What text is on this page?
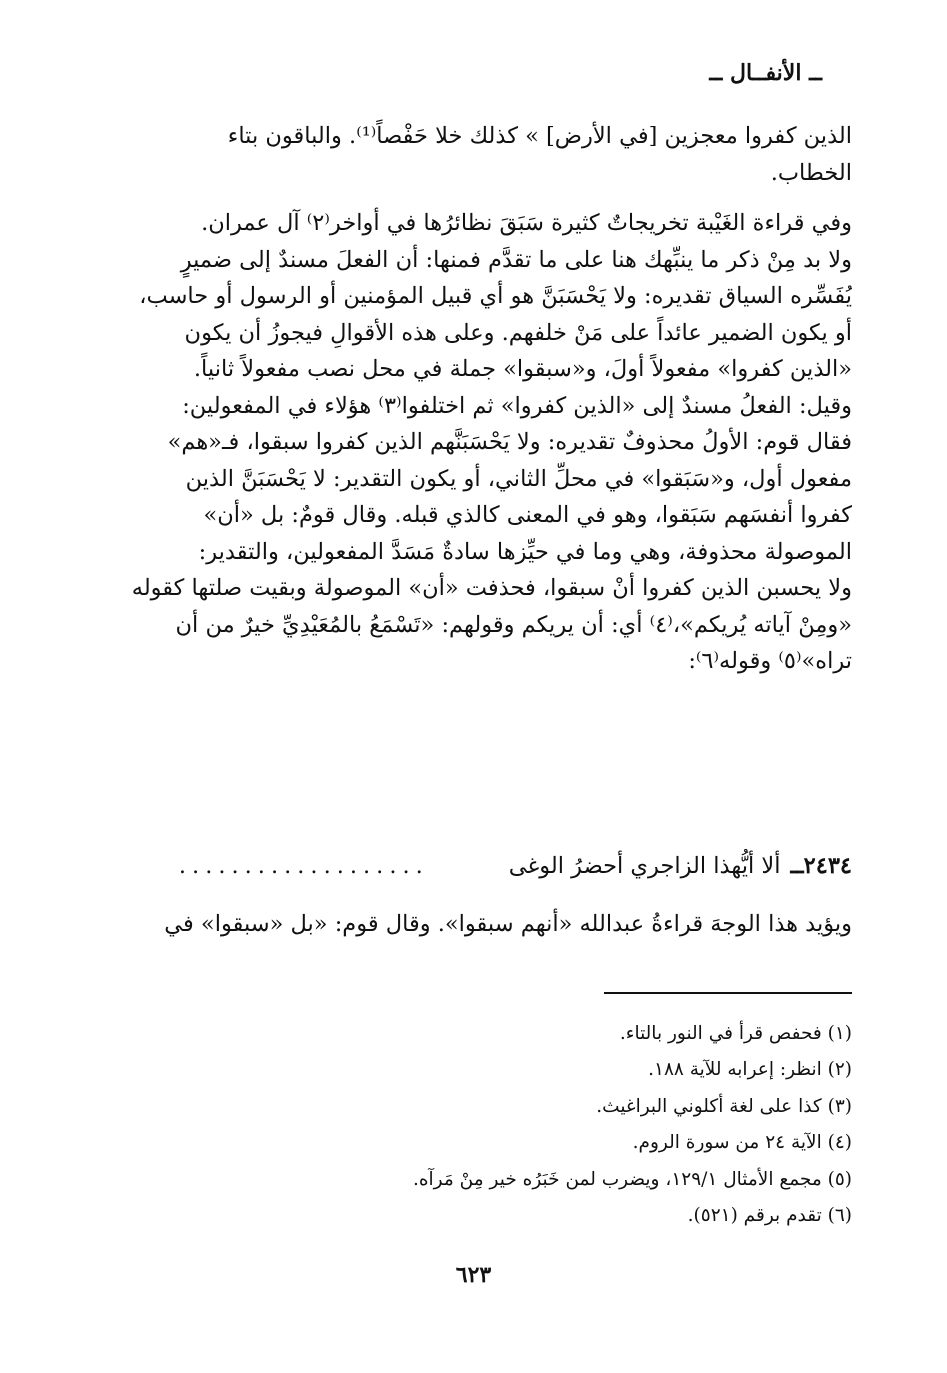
ــ الأنفــال ــ
الذين كفروا معجزين [في الأرض] » كذلك خلا حَفْصاً⁽¹⁾. والباقون بتاء
الخطاب.
وفي قراءة الغَيْبة تخريجاتٌ كثيرة سَبَقَ نظائرُها في أواخر⁽٢⁾ آل عمران.
ولا بد مِنْ ذكر ما ينبِّهك هنا على ما تقدَّم فمنها: أن الفعلَ مسندٌ إلى ضميرٍ
يُفَسِّره السياق تقديره: ولا يَحْسَبَنَّ هو أي قبيل المؤمنين أو الرسول أو حاسب،
أو يكون الضمير عائداً على مَنْ خلفهم. وعلى هذه الأقوالِ فيجوزُ أن يكون
«الذين كفروا» مفعولاً أولَ، و«سبقوا» جملة في محل نصب مفعولاً ثانياً.
وقيل: الفعلُ مسندٌ إلى «الذين كفروا» ثم اختلفوا⁽٣⁾ هؤلاء في المفعولين:
فقال قوم: الأولُ محذوفٌ تقديره: ولا يَحْسَبَنَّهم الذين كفروا سبقوا، فـ«هم»
مفعول أول، و«سَبَقوا» في محلِّ الثاني، أو يكون التقدير: لا يَحْسَبَنَّ الذين
كفروا أنفسَهم سَبَقوا، وهو في المعنى كالذي قبله. وقال قومٌ: بل «أن»
الموصولة محذوفة، وهي وما في حيِّزها سادةٌ مَسَدَّ المفعولين، والتقدير:
ولا يحسبن الذين كفروا أنْ سبقوا، فحذفت «أن» الموصولة وبقيت صلتها كقوله
«ومِنْ آياته يُريكم»،⁽٤⁾ أي: أن يريكم وقولهم: «تَسْمَعُ بالمُعَيْدِيِّ خيرٌ من أن
تراه»⁽٥⁾ وقوله⁽٦⁾:
٢٤٣٤ــ
ألا أيُّهذا الزاجري أحضرُ الوغى
...................
ويؤيد هذا الوجهَ قراءةُ عبدالله «أنهم سبقوا». وقال قوم: «بل «سبقوا» في
(١) فحفص قرأ في النور بالتاء.
(٢) انظر: إعرابه للآية ١٨٨.
(٣) كذا على لغة أكلوني البراغيث.
(٤) الآية ٢٤ من سورة الروم.
(٥) مجمع الأمثال ١٢٩/١، ويضرب لمن خَبَرُه خير مِنْ مَرآه.
(٦) تقدم برقم (٥٢١).
٦٢٣
